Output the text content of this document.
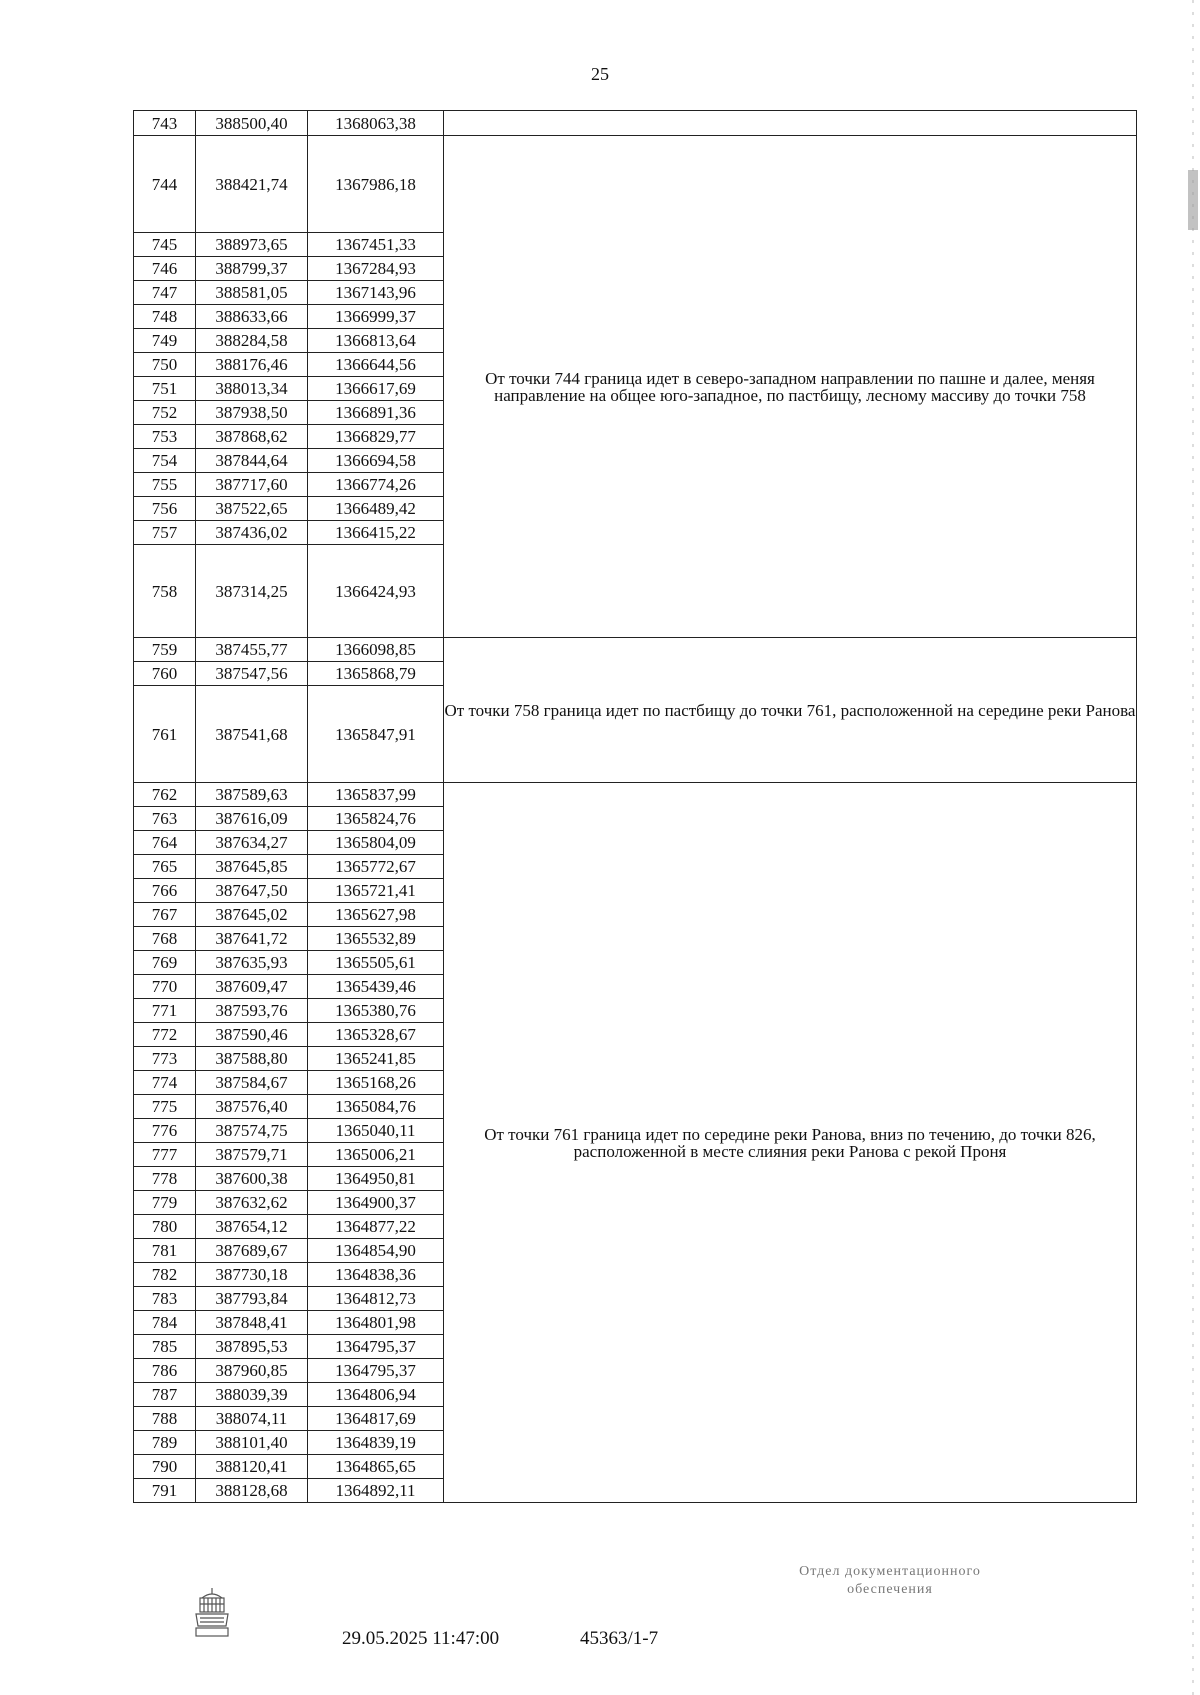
25
743	388500,40	1368063,38	
744	388421,74	1367986,18	От точки 744 граница идет в северо-западном направлении по пашне и далее, меняя направление на общее юго-западное, по пастбищу, лесному массиву до точки 758
745	388973,65	1367451,33	
746	388799,37	1367284,93	
747	388581,05	1367143,96	
748	388633,66	1366999,37	
749	388284,58	1366813,64	
750	388176,46	1366644,56	
751	388013,34	1366617,69	
752	387938,50	1366891,36	
753	387868,62	1366829,77	
754	387844,64	1366694,58	
755	387717,60	1366774,26	
756	387522,65	1366489,42	
757	387436,02	1366415,22	
758	387314,25	1366424,93	
759	387455,77	1366098,85	От точки 758 граница идет по пастбищу до точки 761, расположенной на середине реки Ранова
760	387547,56	1365868,79	
761	387541,68	1365847,91	
762	387589,63	1365837,99	От точки 761 граница идет по середине реки Ранова, вниз по течению, до точки 826, расположенной в месте слияния реки Ранова с рекой Проня
763	387616,09	1365824,76	
764	387634,27	1365804,09	
765	387645,85	1365772,67	
766	387647,50	1365721,41	
767	387645,02	1365627,98	
768	387641,72	1365532,89	
769	387635,93	1365505,61	
770	387609,47	1365439,46	
771	387593,76	1365380,76	
772	387590,46	1365328,67	
773	387588,80	1365241,85	
774	387584,67	1365168,26	
775	387576,40	1365084,76	
776	387574,75	1365040,11	
777	387579,71	1365006,21	
778	387600,38	1364950,81	
779	387632,62	1364900,37	
780	387654,12	1364877,22	
781	387689,67	1364854,90	
782	387730,18	1364838,36	
783	387793,84	1364812,73	
784	387848,41	1364801,98	
785	387895,53	1364795,37	
786	387960,85	1364795,37	
787	388039,39	1364806,94	
788	388074,11	1364817,69	
789	388101,40	1364839,19	
790	388120,41	1364865,65	
791	388128,68	1364892,11	
29.05.2025 11:47:00	45363/1-7
Отдел документационного
обеспечения
